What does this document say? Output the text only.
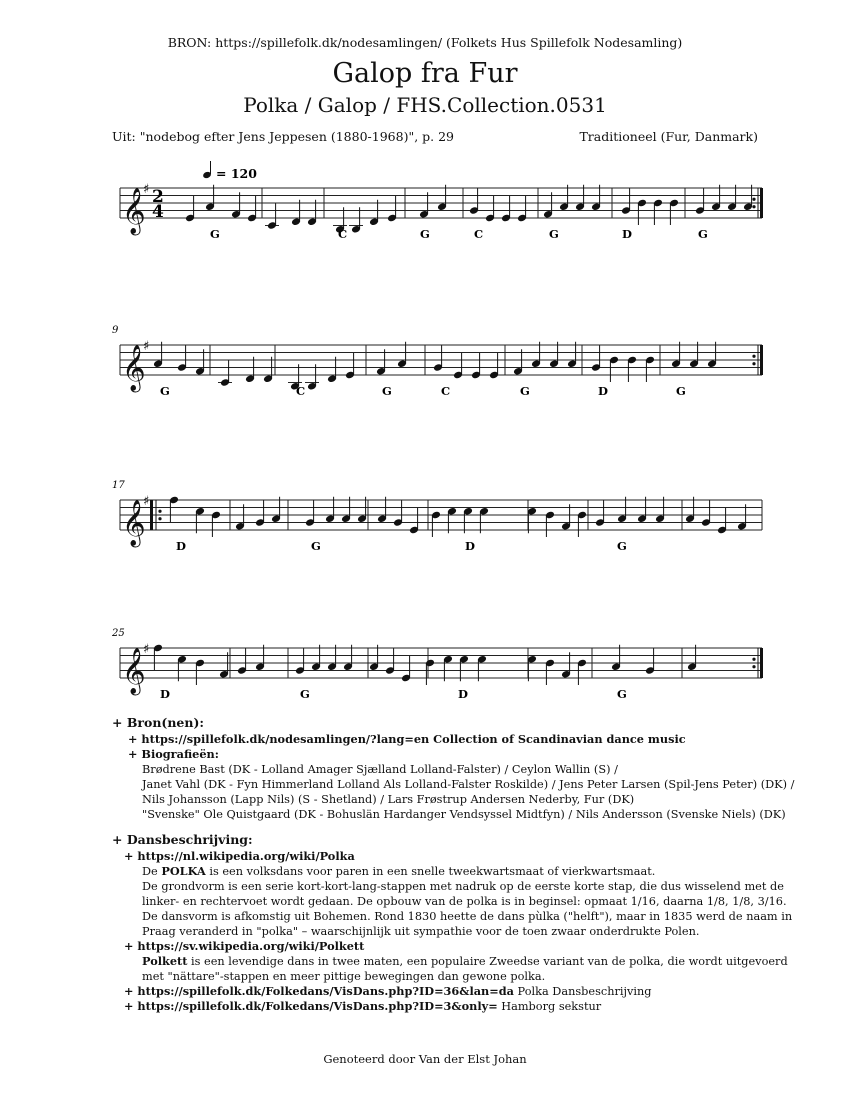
BRON: https://spillefolk.dk/nodesamlingen/ (Folkets Hus Spillefolk Nodesamling)
Galop fra Fur
Polka / Galop / FHS.Collection.0531
Uit: "nodebog efter Jens Jeppesen (1880-1968)", p. 29	Traditioneel (Fur, Danmark)
𝄞
♯ 2
4
= 120
G	C	G	C	G	D	G
𝄞
♯
9
G	C	G	C	G	D	G
𝄞
♯
17
D	G	D	G
𝄞
♯
25
D	G	D	G
+ Bron(nen):
+ https://spillefolk.dk/nodesamlingen/?lang=en Collection of Scandinavian dance music
+ Biografieën:
Brødrene Bast (DK - Lolland Amager Sjælland Lolland-Falster) / Ceylon Wallin (S) /
Janet Vahl (DK - Fyn Himmerland Lolland Als Lolland-Falster Roskilde) / Jens Peter Larsen (Spil-Jens Peter) (DK) /
Nils Johansson (Lapp Nils) (S - Shetland) / Lars Frøstrup Andersen Nederby, Fur (DK)
"Svenske" Ole Quistgaard (DK - Bohuslän Hardanger Vendsyssel Midtfyn) / Nils Andersson (Svenske Niels) (DK)
+ Dansbeschrijving:
+ https://nl.wikipedia.org/wiki/Polka
De POLKA is een volksdans voor paren in een snelle tweekwartsmaat of vierkwartsmaat.
De grondvorm is een serie kort-kort-lang-stappen met nadruk op de eerste korte stap, die dus wisselend met de
linker- en rechtervoet wordt gedaan. De opbouw van de polka is in beginsel: opmaat 1/16, daarna 1/8, 1/8, 3/16.
De dansvorm is afkomstig uit Bohemen. Rond 1830 heette de dans pùlka ("helft"), maar in 1835 werd de naam in
Praag veranderd in "polka" – waarschijnlijk uit sympathie voor de toen zwaar onderdrukte Polen.
+ https://sv.wikipedia.org/wiki/Polkett
Polkett is een levendige dans in twee maten, een populaire Zweedse variant van de polka, die wordt uitgevoerd
met "nättare"-stappen en meer pittige bewegingen dan gewone polka.
+ https://spillefolk.dk/Folkedans/VisDans.php?ID=36&lan=da Polka Dansbeschrijving
+ https://spillefolk.dk/Folkedans/VisDans.php?ID=3&only= Hamborg sekstur
Genoteerd door Van der Elst Johan
